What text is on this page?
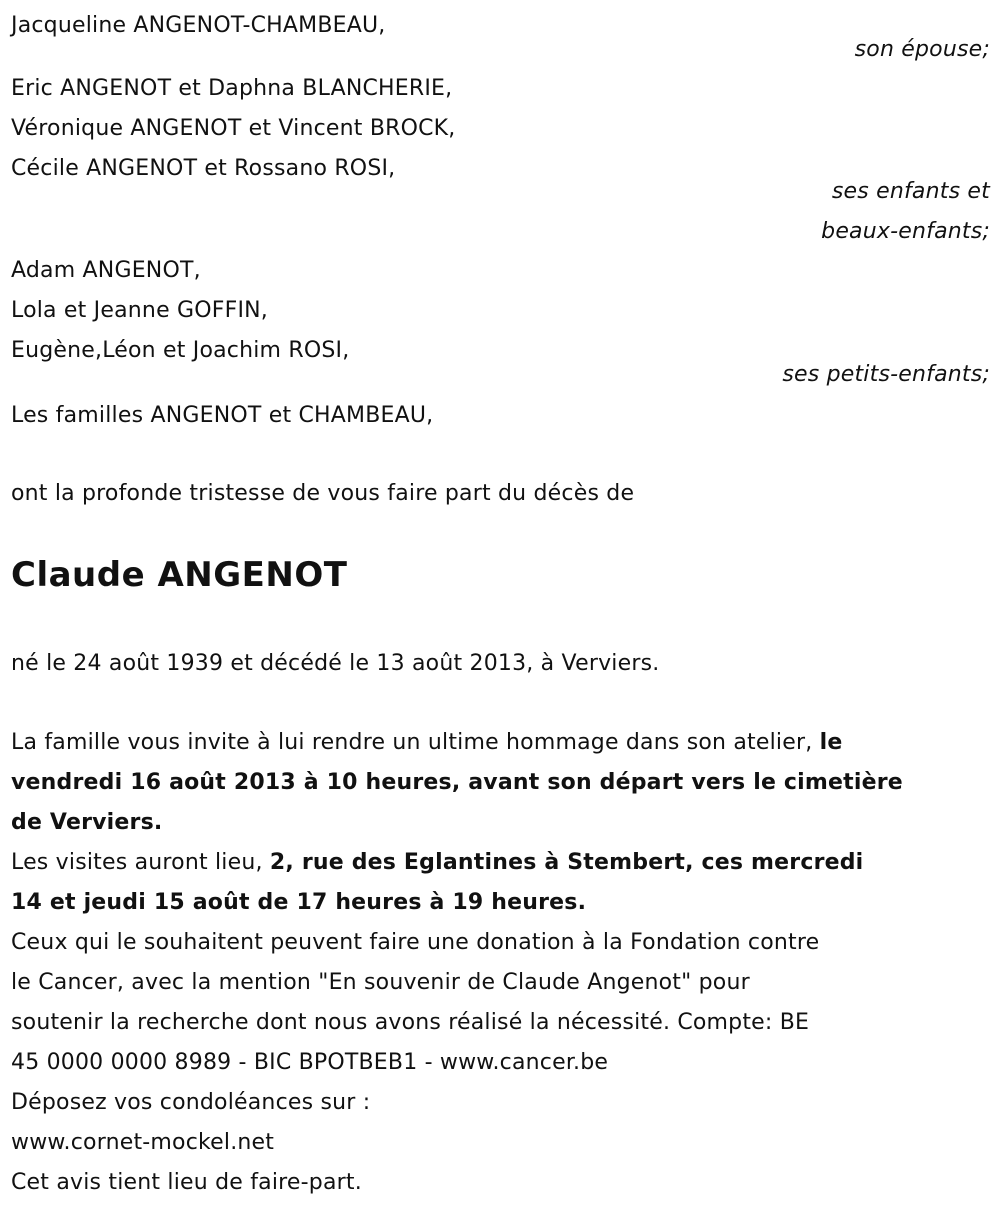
Jacqueline ANGENOT-CHAMBEAU,
son épouse;
Eric ANGENOT et Daphna BLANCHERIE,
Véronique ANGENOT et Vincent BROCK,
Cécile ANGENOT et Rossano ROSI,
ses enfants et
beaux-enfants;
Adam ANGENOT,
Lola et Jeanne GOFFIN,
Eugène,Léon et Joachim ROSI,
ses petits-enfants;
Les familles ANGENOT et CHAMBEAU,
ont la profonde tristesse de vous faire part du décès de
Claude ANGENOT
né le 24 août 1939 et décédé le 13 août 2013, à Verviers.
La famille vous invite à lui rendre un ultime hommage dans son atelier, le
vendredi 16 août 2013 à 10 heures, avant son départ vers le cimetière
de Verviers.
Les visites auront lieu, 2, rue des Eglantines à Stembert, ces mercredi
14 et jeudi 15 août de 17 heures à 19 heures.
Ceux qui le souhaitent peuvent faire une donation à la Fondation contre
le Cancer, avec la mention "En souvenir de Claude Angenot" pour
soutenir la recherche dont nous avons réalisé la nécessité. Compte: BE
45 0000 0000 8989 - BIC BPOTBEB1 - www.cancer.be
Déposez vos condoléances sur :
www.cornet-mockel.net
Cet avis tient lieu de faire-part.
